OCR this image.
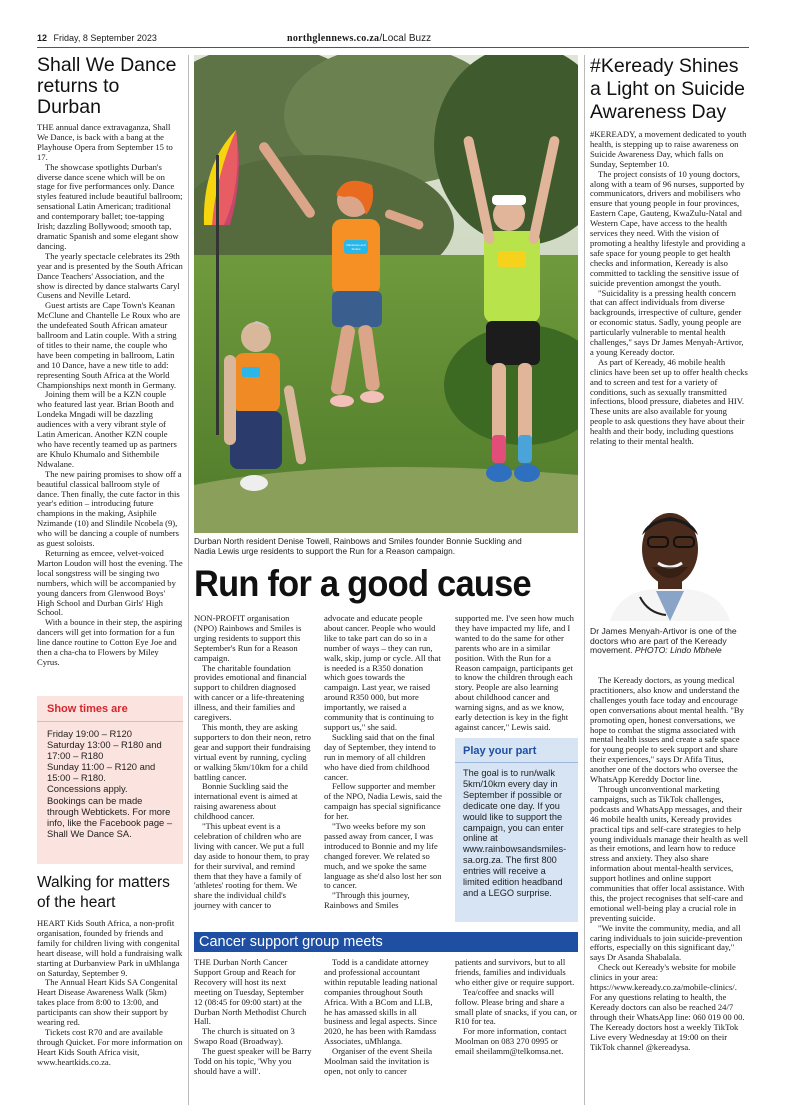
12 Friday, 8 September 2023	northglennews.co.za/Local Buzz
Shall We Dance returns to Durban

THE annual dance extravaganza, Shall We Dance, is back with a bang at the Playhouse Opera from September 15 to 17.

The showcase spotlights Durban's diverse dance scene which will be on stage for five performances only. Dance styles featured include beautiful ballroom; sensational Latin American; traditional and contemporary ballet; toe-tapping Irish; dazzling Bollywood; smooth tap, dramatic Spanish and some elegant show dancing.

The yearly spectacle celebrates its 29th year and is presented by the South African Dance Teachers' Association, and the show is directed by dance stalwarts Caryl Cusens and Neville Letard.

Guest artists are Cape Town's Keanan McClune and Chantelle Le Roux who are the undefeated South African amateur ballroom and Latin couple. With a string of titles to their name, the couple who have been competing in ballroom, Latin and 10 Dance, have a new title to add: representing South Africa at the World Championships next month in Germany.

Joining them will be a KZN couple who featured last year. Brian Booth and Londeka Mngadi will be dazzling audiences with a very vibrant style of Latin American. Another KZN couple who have recently teamed up as partners are Khulo Khumalo and Sithembile Ndwalane.

The new pairing promises to show off a beautiful classical ballroom style of dance. Then finally, the cute factor in this year's edition – introducing future champions in the making, Asiphile Nzimande (10) and Slindile Ncobela (9), who will be dancing a couple of numbers as guest soloists.

Returning as emcee, velvet-voiced Marton Loudon will host the evening. The local songstress will be singing two numbers, which will be accompanied by young dancers from Glenwood Boys' High School and Durban Girls' High School.

With a bounce in their step, the aspiring dancers will get into formation for a fun line dance routine to Cotton Eye Joe and then a cha-cha to Flowers by Miley Cyrus.

Show times are
Friday 19:00 – R120
Saturday 13:00 – R180 and 17:00 – R180
Sunday 11:00 – R120 and 15:00 – R180.
Concessions apply.
Bookings can be made through Webtickets. For more info, like the Facebook page – Shall We Dance SA.
Walking for matters of the heart

HEART Kids South Africa, a non-profit organisation, founded by friends and family for children living with congenital heart disease, will hold a fundraising walk starting at Durbanview Park in uMhlanga on Saturday, September 9.

The Annual Heart Kids SA Congenital Heart Disease Awareness Walk (5km) takes place from 8:00 to 13:00, and participants can show their support by wearing red.

Tickets cost R70 and are available through Quicket. For more information on Heart Kids South Africa visit, www.heartkids.co.za.

Rainbows and Smiles
Durban North resident Denise Towell, Rainbows and Smiles founder Bonnie Suckling and Nadia Lewis urge residents to support the Run for a Reason campaign.
Run for a good cause

NON-PROFIT organisation (NPO) Rainbows and Smiles is urging residents to support this September's Run for a Reason campaign.

The charitable foundation provides emotional and financial support to children diagnosed with cancer or a life-threatening illness, and their families and caregivers.

This month, they are asking supporters to don their neon, retro gear and support their fundraising virtual event by running, cycling or walking 5km/10km for a child battling cancer.

Bonnie Suckling said the international event is aimed at raising awareness about childhood cancer.

"This upbeat event is a celebration of children who are living with cancer. We put a full day aside to honour them, to pray for their survival, and remind them that they have a family of 'athletes' rooting for them. We share the individual child's journey with cancer to

advocate and educate people about cancer. People who would like to take part can do so in a number of ways – they can run, walk, skip, jump or cycle. All that is needed is a R350 donation which goes towards the campaign. Last year, we raised around R350 000, but more importantly, we raised a community that is continuing to support us," she said.

Suckling said that on the final day of September, they intend to run in memory of all children who have died from childhood cancer.

Fellow supporter and member of the NPO, Nadia Lewis, said the campaign has special significance for her.

"Two weeks before my son passed away from cancer, I was introduced to Bonnie and my life changed forever. We related so much, and we spoke the same language as she'd also lost her son to cancer.

"Through this journey, Rainbows and Smiles

supported me. I've seen how much they have impacted my life, and I wanted to do the same for other parents who are in a similar position. With the Run for a Reason campaign, participants get to know the children through each story. People are also learning about childhood cancer and warning signs, and as we know, early detection is key in the fight against cancer," Lewis said.

Play your part
The goal is to run/walk 5km/10km every day in September if possible or dedicate one day. If you would like to support the campaign, you can enter online at www.rainbowsandsmiles-sa.org.za. The first 800 entries will receive a limited edition headband and a LEGO surprise.
Cancer support group meets

THE Durban North Cancer Support Group and Reach for Recovery will host its next meeting on Tuesday, September 12 (08:45 for 09:00 start) at the Durban North Methodist Church Hall.

The church is situated on 3 Swapo Road (Broadway).

The guest speaker will be Barry Todd on his topic, 'Why you should have a will'.

Todd is a candidate attorney and professional accountant within reputable leading national companies throughout South Africa. With a BCom and LLB, he has amassed skills in all business and legal aspects. Since 2020, he has been with Ramdass Associates, uMhlanga.

Organiser of the event Sheila Moolman said the invitation is open, not only to cancer

patients and survivors, but to all friends, families and individuals who either give or require support.

Tea/coffee and snacks will follow. Please bring and share a small plate of snacks, if you can, or R10 for tea.

For more information, contact Moolman on 083 270 0995 or email sheilamm@telkomsa.net.

#Keready Shines a Light on Suicide Awareness Day

#KEREADY, a movement dedicated to youth health, is stepping up to raise awareness on Suicide Awareness Day, which falls on Sunday, September 10.

The project consists of 10 young doctors, along with a team of 96 nurses, supported by communicators, drivers and mobilisers who ensure that young people in four provinces, Eastern Cape, Gauteng, KwaZulu-Natal and Western Cape, have access to the health services they need. With the vision of promoting a healthy lifestyle and providing a safe space for young people to get health checks and information, Keready is also committed to tackling the sensitive issue of suicide prevention amongst the youth.

"Suicidality is a pressing health concern that can affect individuals from diverse backgrounds, irrespective of culture, gender or economic status. Sadly, young people are particularly vulnerable to mental health challenges," says Dr James Menyah-Artivor, a young Keready doctor.

As part of Keready, 46 mobile health clinics have been set up to offer health checks and to screen and test for a variety of conditions, such as sexually transmitted infections, blood pressure, diabetes and HIV. These units are also available for young people to ask questions they have about their health and their body, including questions relating to their mental health.

Dr James Menyah-Artivor is one of the doctors who are part of the Keready movement. PHOTO: Lindo Mbhele

The Keready doctors, as young medical practitioners, also know and understand the challenges youth face today and encourage open conversations about mental health. "By promoting open, honest conversations, we hope to combat the stigma associated with mental health issues and create a safe space for young people to seek support and share their experiences," says Dr Afifa Titus, another one of the doctors who oversee the WhatsApp Kereddy Doctor line.

Through unconventional marketing campaigns, such as TikTok challenges, podcasts and WhatsApp messages, and their 46 mobile health units, Keready provides practical tips and self-care strategies to help young individuals manage their health as well as their emotions, and learn how to reduce stress and anxiety. They also share information about mental-health services, support hotlines and online support communities that offer local assistance. With this, the project recognises that self-care and emotional well-being play a crucial role in preventing suicide.

"We invite the community, media, and all caring individuals to join suicide-prevention efforts, especially on this significant day," says Dr Asanda Shabalala.

Check out Keready's website for mobile clinics in your area: https://www.keready.co.za/mobile-clinics/. For any questions relating to health, the Keready doctors can also be reached 24/7 through their WhatsApp line: 060 019 00 00. The Keready doctors host a weekly TikTok Live every Wednesday at 19:00 on their TikTok channel @kereadysa.
